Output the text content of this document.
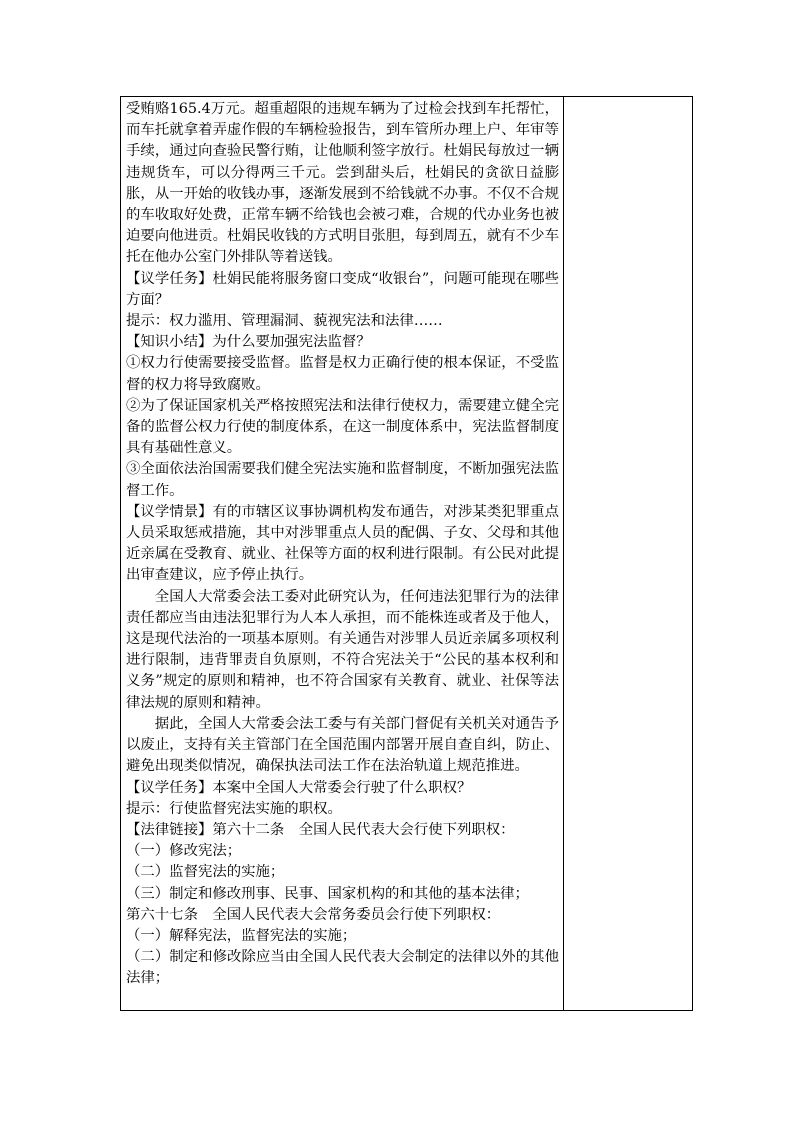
受贿赂165.4万元。超重超限的违规车辆为了过检会找到车托帮忙，而车托就拿着弄虚作假的车辆检验报告，到车管所办理上户、年审等手续，通过向查验民警行贿，让他顺利签字放行。杜娟民每放过一辆违规货车，可以分得两三千元。尝到甜头后，杜娟民的贪欲日益膨胀，从一开始的收钱办事，逐渐发展到不给钱就不办事。不仅不合规的车收取好处费，正常车辆不给钱也会被刁难，合规的代办业务也被迫要向他进贡。杜娟民收钱的方式明目张胆，每到周五，就有不少车托在他办公室门外排队等着送钱。

【议学任务】杜娟民能将服务窗口变成“收银台”，问题可能现在哪些方面？

提示：权力滥用、管理漏洞、藐视宪法和法律……

【知识小结】为什么要加强宪法监督？

①权力行使需要接受监督。监督是权力正确行使的根本保证，不受监督的权力将导致腐败。

②为了保证国家机关严格按照宪法和法律行使权力，需要建立健全完备的监督公权力行使的制度体系，在这一制度体系中，宪法监督制度具有基础性意义。

③全面依法治国需要我们健全宪法实施和监督制度，不断加强宪法监督工作。

【议学情景】有的市辖区议事协调机构发布通告，对涉某类犯罪重点人员采取惩戒措施，其中对涉罪重点人员的配偶、子女、父母和其他近亲属在受教育、就业、社保等方面的权利进行限制。有公民对此提出审查建议，应予停止执行。

全国人大常委会法工委对此研究认为，任何违法犯罪行为的法律责任都应当由违法犯罪行为人本人承担，而不能株连或者及于他人，这是现代法治的一项基本原则。有关通告对涉罪人员近亲属多项权利进行限制，违背罪责自负原则，不符合宪法关于“公民的基本权利和义务”规定的原则和精神，也不符合国家有关教育、就业、社保等法律法规的原则和精神。

据此，全国人大常委会法工委与有关部门督促有关机关对通告予以废止，支持有关主管部门在全国范围内部署开展自查自纠，防止、避免出现类似情况，确保执法司法工作在法治轨道上规范推进。

【议学任务】本案中全国人大常委会行驶了什么职权？

提示：行使监督宪法实施的职权。

【法律链接】第六十二条　全国人民代表大会行使下列职权：

（一）修改宪法；

（二）监督宪法的实施；

（三）制定和修改刑事、民事、国家机构的和其他的基本法律；

第六十七条　全国人民代表大会常务委员会行使下列职权：

（一）解释宪法，监督宪法的实施；

（二）制定和修改除应当由全国人民代表大会制定的法律以外的其他法律；
